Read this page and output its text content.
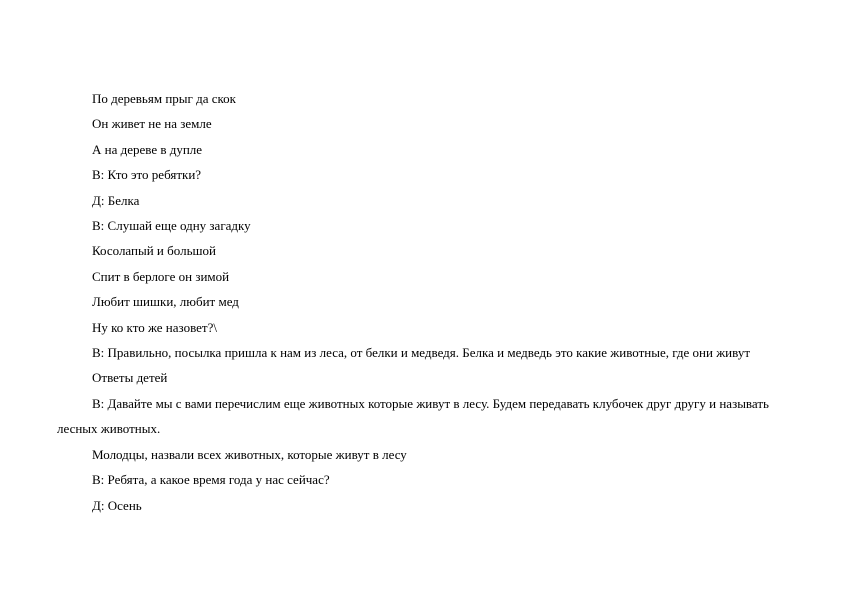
По деревьям прыг да скок

Он живет не на земле

А на дереве в дупле

В: Кто это ребятки?

Д: Белка

В: Слушай еще одну загадку

Косолапый и большой

Спит в берлоге он зимой

Любит шишки, любит мед

Ну ко кто же назовет?\

В: Правильно, посылка пришла к нам из леса, от белки и медведя. Белка и медведь это какие животные, где они живут

Ответы детей

В: Давайте мы с вами перечислим еще животных которые живут в лесу. Будем передавать клубочек друг другу и называть лесных животных.

Молодцы, назвали всех животных, которые живут в лесу

В: Ребята, а какое время года у нас сейчас?

Д: Осень
